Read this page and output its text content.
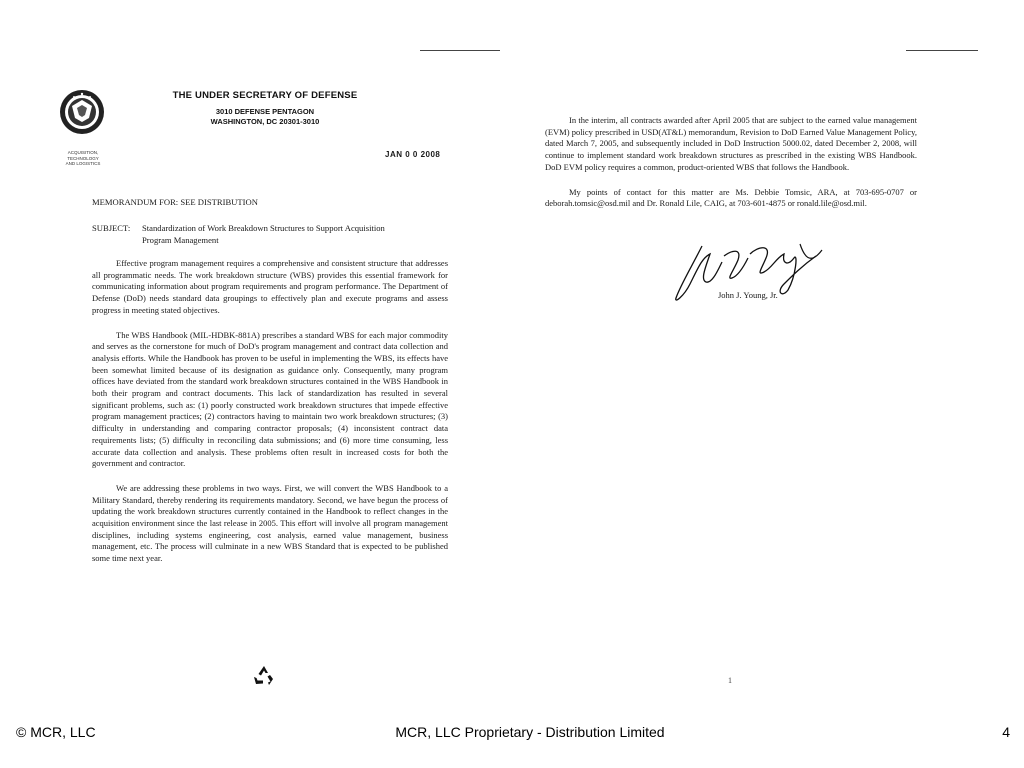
ACQUISITION,
TECHNOLOGY
AND LOGISTICS
THE UNDER SECRETARY OF DEFENSE
3010 DEFENSE PENTAGON
WASHINGTON, DC 20301-3010
JAN 0 0 2008
MEMORANDUM FOR: SEE DISTRIBUTION
SUBJECT: Standardization of Work Breakdown Structures to Support Acquisition
Program Management

Effective program management requires a comprehensive and consistent structure that addresses all programmatic needs. The work breakdown structure (WBS) provides this essential framework for communicating information about program requirements and program performance. The Department of Defense (DoD) needs standard data groupings to effectively plan and execute programs and assess progress in meeting stated objectives.

The WBS Handbook (MIL-HDBK-881A) prescribes a standard WBS for each major commodity and serves as the cornerstone for much of DoD's program management and contract data collection and analysis efforts. While the Handbook has proven to be useful in implementing the WBS, its effects have been somewhat limited because of its designation as guidance only. Consequently, many program offices have deviated from the standard work breakdown structures contained in the WBS Handbook in both their program and contract documents. This lack of standardization has resulted in several significant problems, such as: (1) poorly constructed work breakdown structures that impede effective program management practices; (2) contractors having to maintain two work breakdown structures; (3) difficulty in understanding and comparing contractor proposals; (4) inconsistent contract data requirements lists; (5) difficulty in reconciling data submissions; and (6) more time consuming, less accurate data collection and analysis. These problems often result in increased costs for both the government and contractor.

We are addressing these problems in two ways. First, we will convert the WBS Handbook to a Military Standard, thereby rendering its requirements mandatory. Second, we have begun the process of updating the work breakdown structures currently contained in the Handbook to reflect changes in the acquisition environment since the last release in 2005. This effort will involve all program management disciplines, including systems engineering, cost analysis, earned value management, business management, etc. The process will culminate in a new WBS Standard that is expected to be published some time next year.

In the interim, all contracts awarded after April 2005 that are subject to the earned value management (EVM) policy prescribed in USD(AT&L) memorandum, Revision to DoD Earned Value Management Policy, dated March 7, 2005, and subsequently included in DoD Instruction 5000.02, dated December 2, 2008, will continue to implement standard work breakdown structures as prescribed in the existing WBS Handbook. DoD EVM policy requires a common, product-oriented WBS that follows the Handbook.

My points of contact for this matter are Ms. Debbie Tomsic, ARA, at 703-695-0707 or deborah.tomsic@osd.mil and Dr. Ronald Lile, CAIG, at 703-601-4875 or ronald.lile@osd.mil.

John J. Young, Jr.
1
© MCR, LLC	MCR, LLC Proprietary - Distribution Limited	4
